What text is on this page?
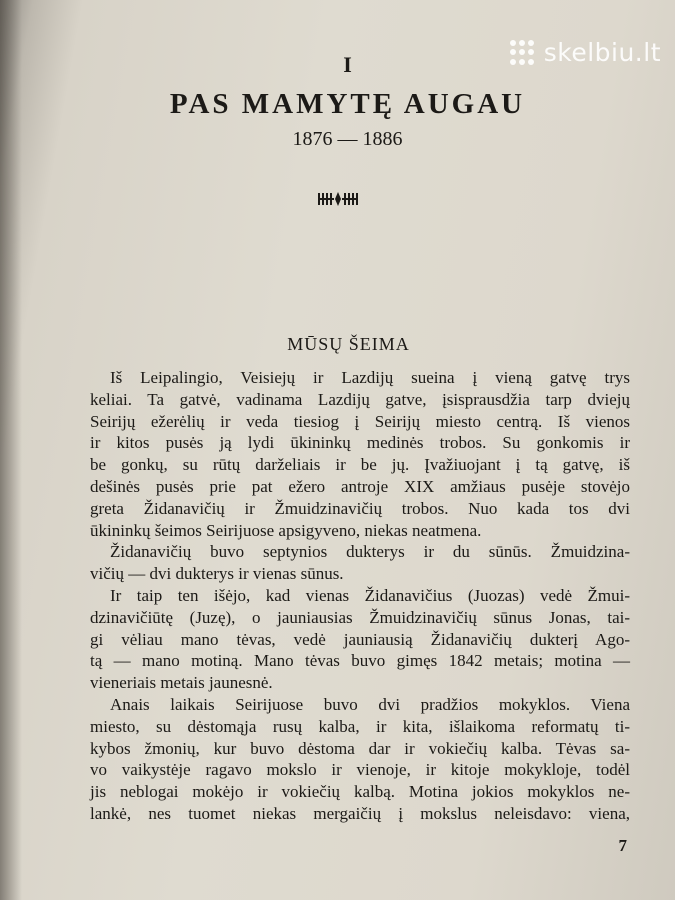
skelbiu.lt
I
PAS MAMYTĘ AUGAU
1876 — 1886
MŪSŲ ŠEIMA
Iš Leipalingio, Veisiejų ir Lazdijų sueina į vieną gatvę trys
keliai. Ta gatvė, vadinama Lazdijų gatve, įsisprausdžia tarp dviejų
Seirijų ežerėlių ir veda tiesiog į Seirijų miesto centrą. Iš vienos
ir kitos pusės ją lydi ūkininkų medinės trobos. Su gonkomis ir
be gonkų, su rūtų darželiais ir be jų. Įvažiuojant į tą gatvę, iš
dešinės pusės prie pat ežero antroje XIX amžiaus pusėje stovėjo
greta Židanavičių ir Žmuidzinavičių trobos. Nuo kada tos dvi
ūkininkų šeimos Seirijuose apsigyveno, niekas neatmena.
Židanavičių buvo septynios dukterys ir du sūnūs. Žmuidzina-
vičių — dvi dukterys ir vienas sūnus.
Ir taip ten išėjo, kad vienas Židanavičius (Juozas) vedė Žmui-
dzinavičiūtę (Juzę), o jauniausias Žmuidzinavičių sūnus Jonas, tai-
gi vėliau mano tėvas, vedė jauniausią Židanavičių dukterį Ago-
tą — mano motiną. Mano tėvas buvo gimęs 1842 metais; motina —
vieneriais metais jaunesnė.
Anais laikais Seirijuose buvo dvi pradžios mokyklos. Viena
miesto, su dėstomąja rusų kalba, ir kita, išlaikoma reformatų ti-
kybos žmonių, kur buvo dėstoma dar ir vokiečių kalba. Tėvas sa-
vo vaikystėje ragavo mokslo ir vienoje, ir kitoje mokykloje, todėl
jis neblogai mokėjo ir vokiečių kalbą. Motina jokios mokyklos ne-
lankė, nes tuomet niekas mergaičių į mokslus neleisdavo: viena,
7
